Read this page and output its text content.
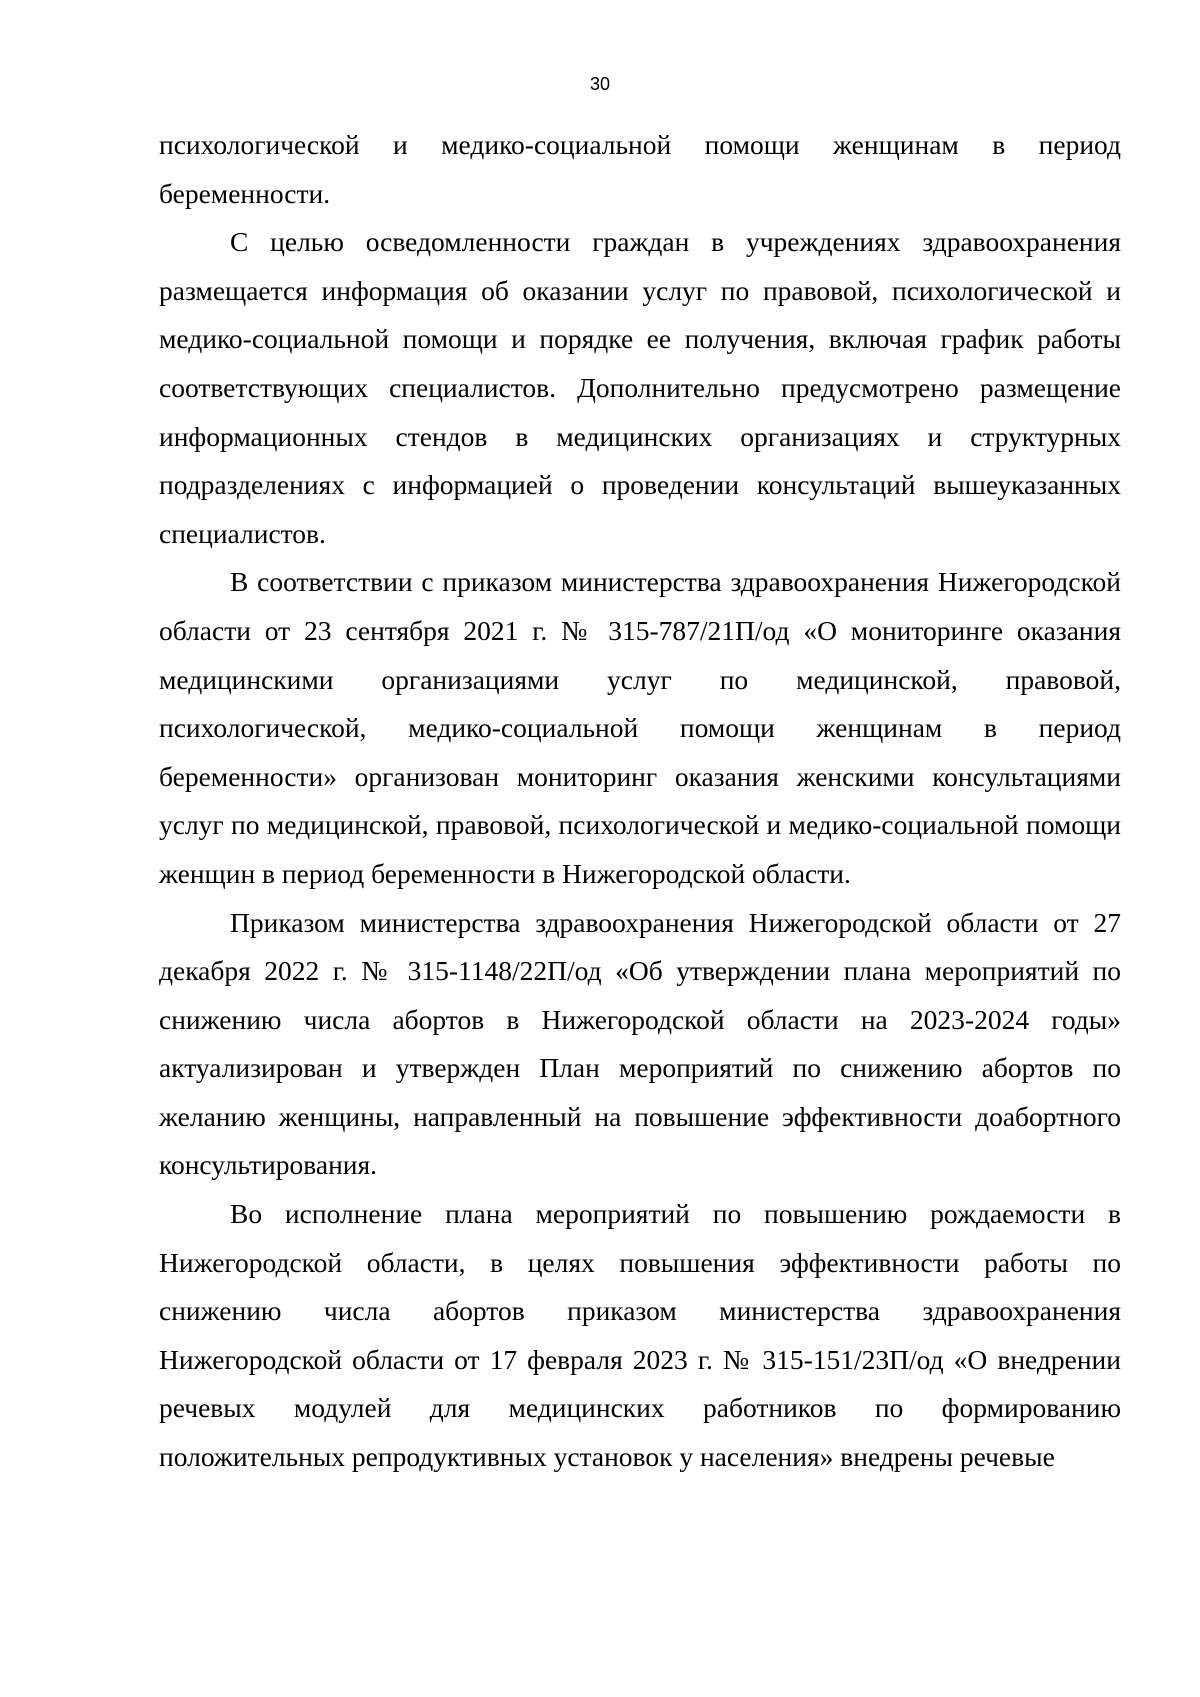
30

психологической и медико-социальной помощи женщинам в период беременности.

С целью осведомленности граждан в учреждениях здравоохранения размещается информация об оказании услуг по правовой, психологической и медико-социальной помощи и порядке ее получения, включая график работы соответствующих специалистов. Дополнительно предусмотрено размещение информационных стендов в медицинских организациях и структурных подразделениях с информацией о проведении консультаций вышеуказанных специалистов.

В соответствии с приказом министерства здравоохранения Нижегородской области от 23 сентября 2021 г. № 315-787/21П/од «О мониторинге оказания медицинскими организациями услуг по медицинской, правовой, психологической, медико-социальной помощи женщинам в период беременности» организован мониторинг оказания женскими консультациями услуг по медицинской, правовой, психологической и медико-социальной помощи женщин в период беременности в Нижегородской области.

Приказом министерства здравоохранения Нижегородской области от 27 декабря 2022 г. № 315-1148/22П/од «Об утверждении плана мероприятий по снижению числа абортов в Нижегородской области на 2023-2024 годы» актуализирован и утвержден План мероприятий по снижению абортов по желанию женщины, направленный на повышение эффективности доабортного консультирования.

Во исполнение плана мероприятий по повышению рождаемости в Нижегородской области, в целях повышения эффективности работы по снижению числа абортов приказом министерства здравоохранения Нижегородской области от 17 февраля 2023 г. № 315-151/23П/од «О внедрении речевых модулей для медицинских работников по формированию положительных репродуктивных установок у населения» внедрены речевые
